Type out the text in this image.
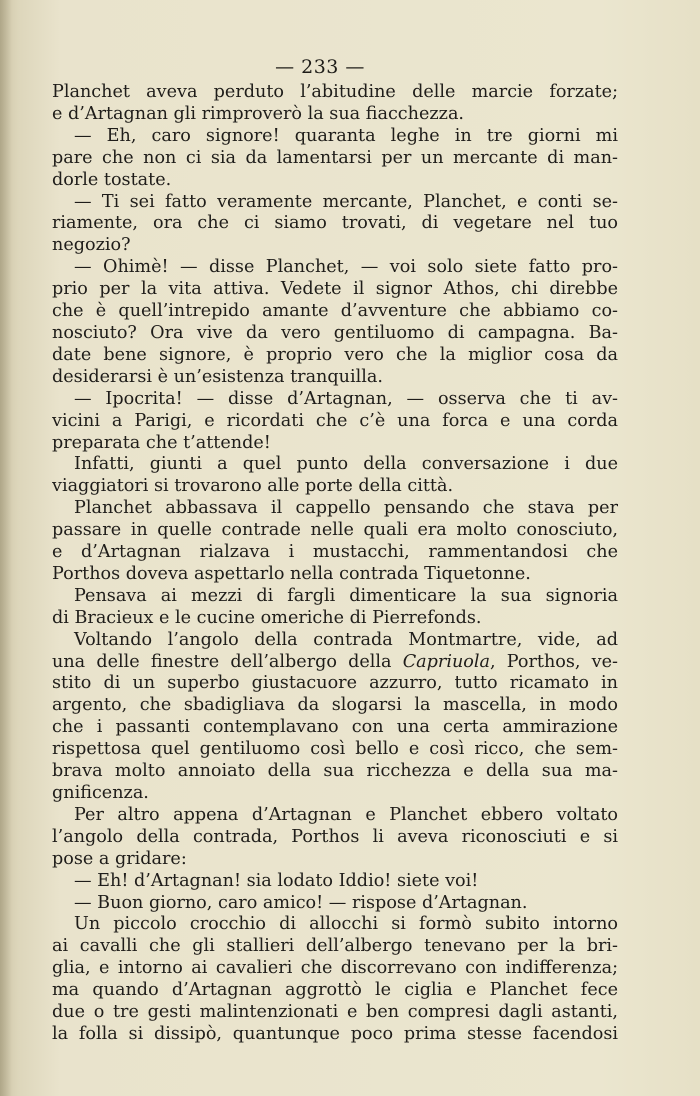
— 233 —
Planchet aveva perduto l’abitudine delle marcie forzate;
e d’Artagnan gli rimproverò la sua fiacchezza.
— Eh, caro signore! quaranta leghe in tre giorni mi
pare che non ci sia da lamentarsi per un mercante di man-
dorle tostate.
— Ti sei fatto veramente mercante, Planchet, e conti se-
riamente, ora che ci siamo trovati, di vegetare nel tuo
negozio?
— Ohimè! — disse Planchet, — voi solo siete fatto pro-
prio per la vita attiva. Vedete il signor Athos, chi direbbe
che è quell’intrepido amante d’avventure che abbiamo co-
nosciuto? Ora vive da vero gentiluomo di campagna. Ba-
date bene signore, è proprio vero che la miglior cosa da
desiderarsi è un’esistenza tranquilla.
— Ipocrita! — disse d’Artagnan, — osserva che ti av-
vicini a Parigi, e ricordati che c’è una forca e una corda
preparata che t’attende!
Infatti, giunti a quel punto della conversazione i due
viaggiatori si trovarono alle porte della città.
Planchet abbassava il cappello pensando che stava per
passare in quelle contrade nelle quali era molto conosciuto,
e d’Artagnan rialzava i mustacchi, rammentandosi che
Porthos doveva aspettarlo nella contrada Tiquetonne.
Pensava ai mezzi di fargli dimenticare la sua signoria
di Bracieux e le cucine omeriche di Pierrefonds.
Voltando l’angolo della contrada Montmartre, vide, ad
una delle finestre dell’albergo della Capriuola, Porthos, ve-
stito di un superbo giustacuore azzurro, tutto ricamato in
argento, che sbadigliava da slogarsi la mascella, in modo
che i passanti contemplavano con una certa ammirazione
rispettosa quel gentiluomo così bello e così ricco, che sem-
brava molto annoiato della sua ricchezza e della sua ma-
gnificenza.
Per altro appena d’Artagnan e Planchet ebbero voltato
l’angolo della contrada, Porthos li aveva riconosciuti e si
pose a gridare:
— Eh! d’Artagnan! sia lodato Iddio! siete voi!
— Buon giorno, caro amico! — rispose d’Artagnan.
Un piccolo crocchio di allocchi si formò subito intorno
ai cavalli che gli stallieri dell’albergo tenevano per la bri-
glia, e intorno ai cavalieri che discorrevano con indifferenza;
ma quando d’Artagnan aggrottò le ciglia e Planchet fece
due o tre gesti malintenzionati e ben compresi dagli astanti,
la folla si dissipò, quantunque poco prima stesse facendosi
